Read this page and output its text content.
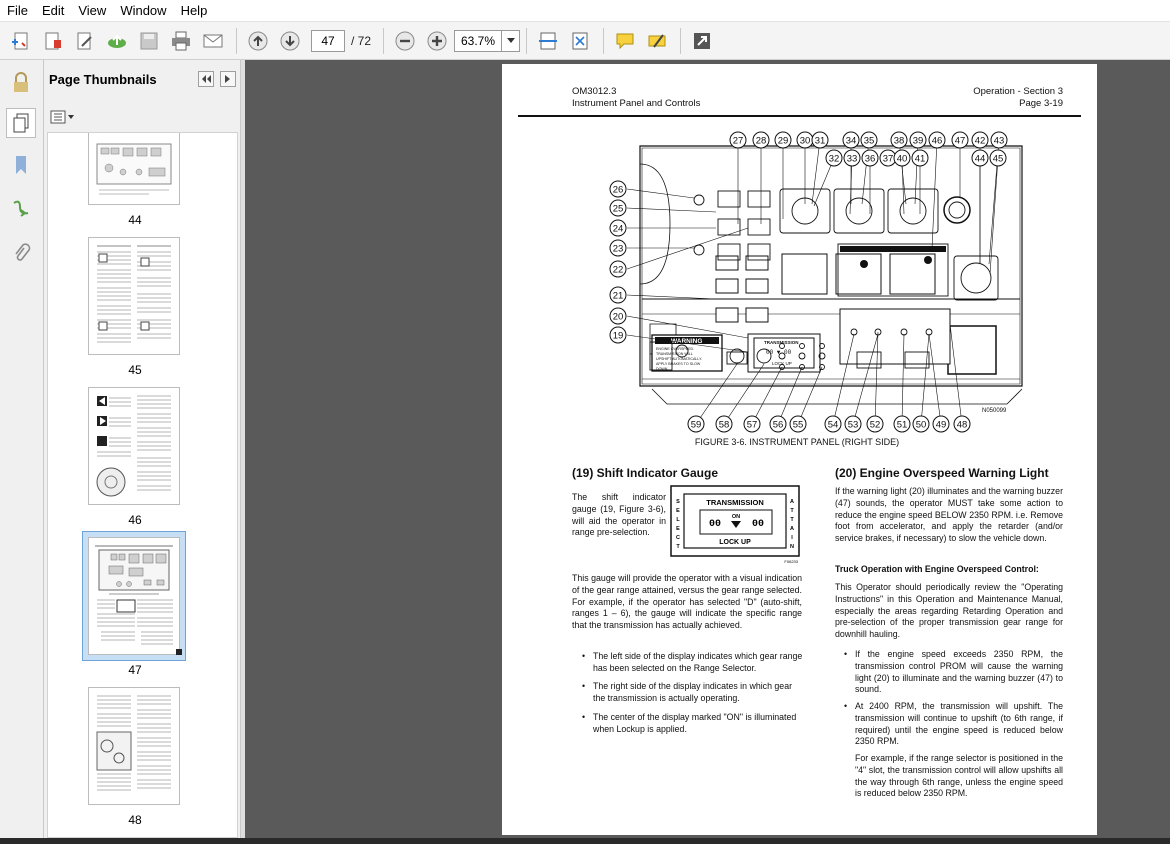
File	Edit	View	Window	Help
47	/ 72	63.7%
Page Thumbnails
44
45
46
47
48
OM3012.3
Instrument Panel and Controls
Operation - Section 3
Page 3-19
WARNING
ENGINE OVERSPEED.
TRANSMISSION WILL
UPSHIFT AUTOMATICALLY.
APPLY BRAKES TO SLOW
DOWN.
TRANSMISSION
00 ▼ 00
LOCK UP
27 28 29 30 31 34 35 38 39 46 47 42 43
32 33 36 37 40 41	44 45
26
25
24
23
22
21
20
19
59 58 57 56 55	54 53 52 51 50 49 48
N050099
FIGURE 3-6. INSTRUMENT PANEL (RIGHT SIDE)
(19) Shift Indicator Gauge
The shift indicator gauge (19, Figure 3-6), will aid the operator in range pre-selection.
TRANSMISSION
00
ON
00
LOCK UP
S
E
L
E
C
T
A
T
T
A
I
N
F06233
This gauge will provide the operator with a visual indication of the gear range attained, versus the gear range selected. For example, if the operator has selected "D" (auto-shift, ranges 1 – 6), the gauge will indicate the specific range that the transmission has actually achieved.
• The left side of the display indicates which gear range has been selected on the Range Selector.
• The right side of the display indicates in which gear the transmission is actually operating.
• The center of the display marked "ON" is illuminated when Lockup is applied.
(20) Engine Overspeed Warning Light
If the warning light (20) illuminates and the warning buzzer (47) sounds, the operator MUST take some action to reduce the engine speed BELOW 2350 RPM. i.e. Remove foot from accelerator, and apply the retarder (and/or service brakes, if necessary) to slow the vehicle down.
Truck Operation with Engine Overspeed Control:
This Operator should periodically review the "Operating Instructions" in this Operation and Maintenance Manual, especially the areas regarding Retarding Operation and pre-selection of the proper transmission gear range for downhill hauling.
• If the engine speed exceeds 2350 RPM, the transmission control PROM will cause the warning light (20) to illuminate and the warning buzzer (47) to sound.
• At 2400 RPM, the transmission will upshift. The transmission will continue to upshift (to 6th range, if required) until the engine speed is reduced below 2350 RPM.
For example, if the range selector is positioned in the "4" slot, the transmission control will allow upshifts all the way through 6th range, unless the engine speed is reduced below 2350 RPM.
